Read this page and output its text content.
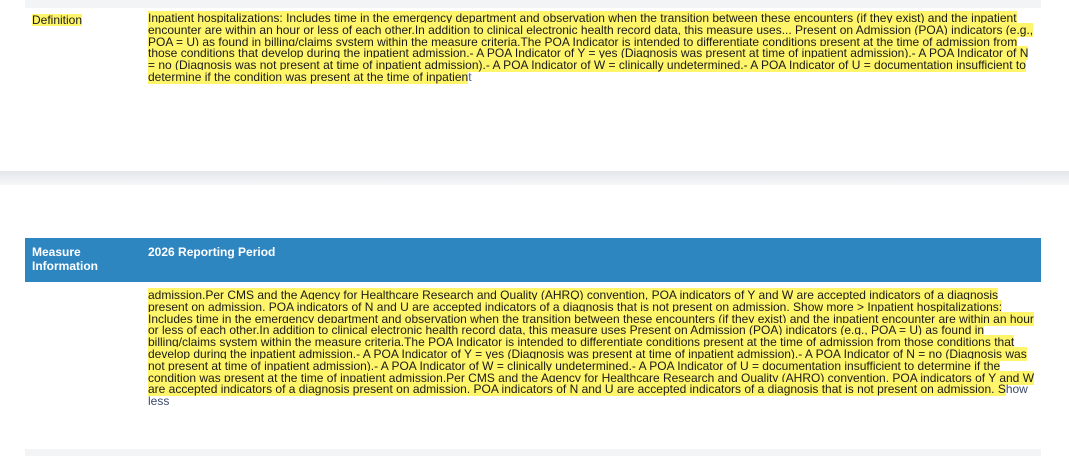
Definition	Inpatient hospitalizations: Includes time in the emergency department and observation when the transition between these encounters (if they exist) and the inpatient encounter are within an hour or less of each other.In addition to clinical electronic health record data, this measure uses... Present on Admission (POA) indicators (e.g., POA = U) as found in billing/claims system within the measure criteria.The POA Indicator is intended to differentiate conditions present at the time of admission from those conditions that develop during the inpatient admission.- A POA Indicator of Y = yes (Diagnosis was present at time of inpatient admission).- A POA Indicator of N = no (Diagnosis was not present at time of inpatient admission).- A POA Indicator of W = clinically undetermined.- A POA Indicator of U = documentation insufficient to determine if the condition was present at the time of inpatient

Measure Information
2026 Reporting Period

admission.Per CMS and the Agency for Healthcare Research and Quality (AHRQ) convention, POA indicators of Y and W are accepted indicators of a diagnosis present on admission. POA indicators of N and U are accepted indicators of a diagnosis that is not present on admission. Show more > Inpatient hospitalizations: Includes time in the emergency department and observation when the transition between these encounters (if they exist) and the inpatient encounter are within an hour or less of each other.In addition to clinical electronic health record data, this measure uses Present on Admission (POA) indicators (e.g., POA = U) as found in billing/claims system within the measure criteria.The POA Indicator is intended to differentiate conditions present at the time of admission from those conditions that develop during the inpatient admission.- A POA Indicator of Y = yes (Diagnosis was present at time of inpatient admission).- A POA Indicator of N = no (Diagnosis was not present at time of inpatient admission).- A POA Indicator of W = clinically undetermined.- A POA Indicator of U = documentation insufficient to determine if the condition was present at the time of inpatient admission.Per CMS and the Agency for Healthcare Research and Quality (AHRQ) convention, POA indicators of Y and W are accepted indicators of a diagnosis present on admission. POA indicators of N and U are accepted indicators of a diagnosis that is not present on admission. Show less
